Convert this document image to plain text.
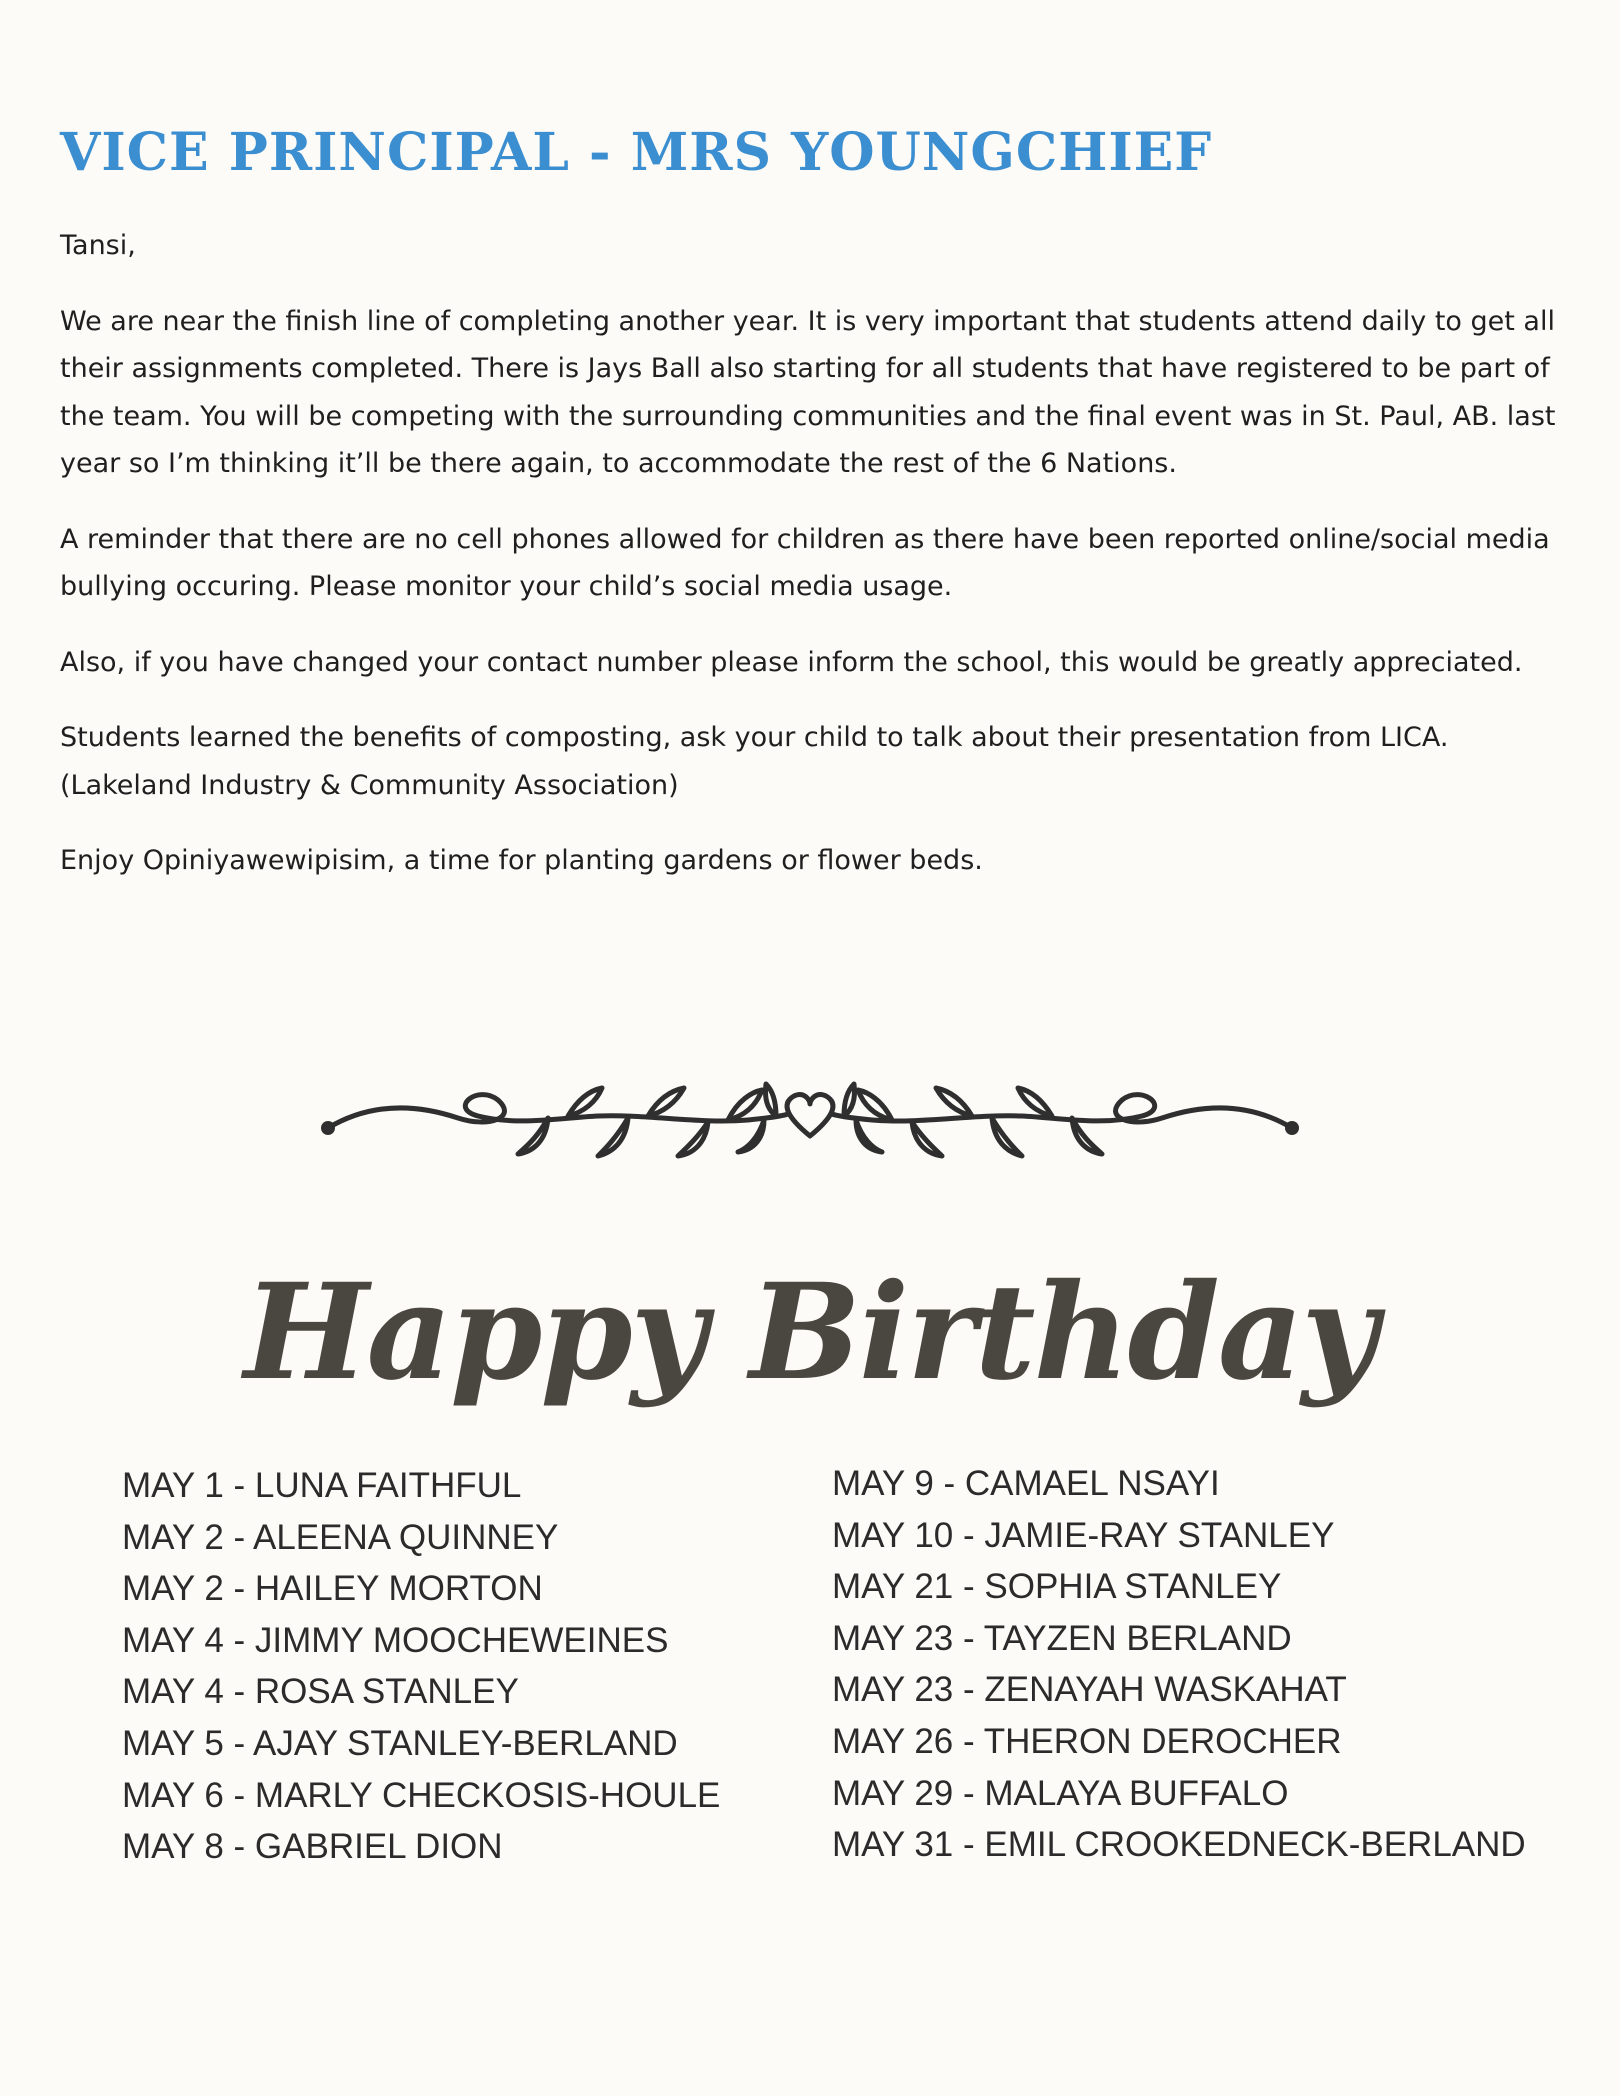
VICE PRINCIPAL - MRS YOUNGCHIEF

Tansi,

We are near the finish line of completing another year. It is very important that students attend daily to get all their assignments completed. There is Jays Ball also starting for all students that have registered to be part of the team. You will be competing with the surrounding communities and the final event was in St. Paul, AB. last year so I’m thinking it’ll be there again, to accommodate the rest of the 6 Nations.

A reminder that there are no cell phones allowed for children as there have been reported online/social media bullying occuring. Please monitor your child’s social media usage.

Also, if you have changed your contact number please inform the school, this would be greatly appreciated.

Students learned the benefits of composting, ask your child to talk about their presentation from LICA. (Lakeland Industry & Community Association)

Enjoy Opiniyawewipisim, a time for planting gardens or flower beds.

Happy Birthday
MAY 1 - LUNA FAITHFUL
MAY 2 - ALEENA QUINNEY
MAY 2 - HAILEY MORTON
MAY 4 - JIMMY MOOCHEWEINES
MAY 4 - ROSA STANLEY
MAY 5 - AJAY STANLEY-BERLAND
MAY 6 - MARLY CHECKOSIS-HOULE
MAY 8 - GABRIEL DION
MAY 9 - CAMAEL NSAYI
MAY 10 - JAMIE-RAY STANLEY
MAY 21 - SOPHIA STANLEY
MAY 23 - TAYZEN BERLAND
MAY 23 - ZENAYAH WASKAHAT
MAY 26 - THERON DEROCHER
MAY 29 - MALAYA BUFFALO
MAY 31 - EMIL CROOKEDNECK-BERLAND
